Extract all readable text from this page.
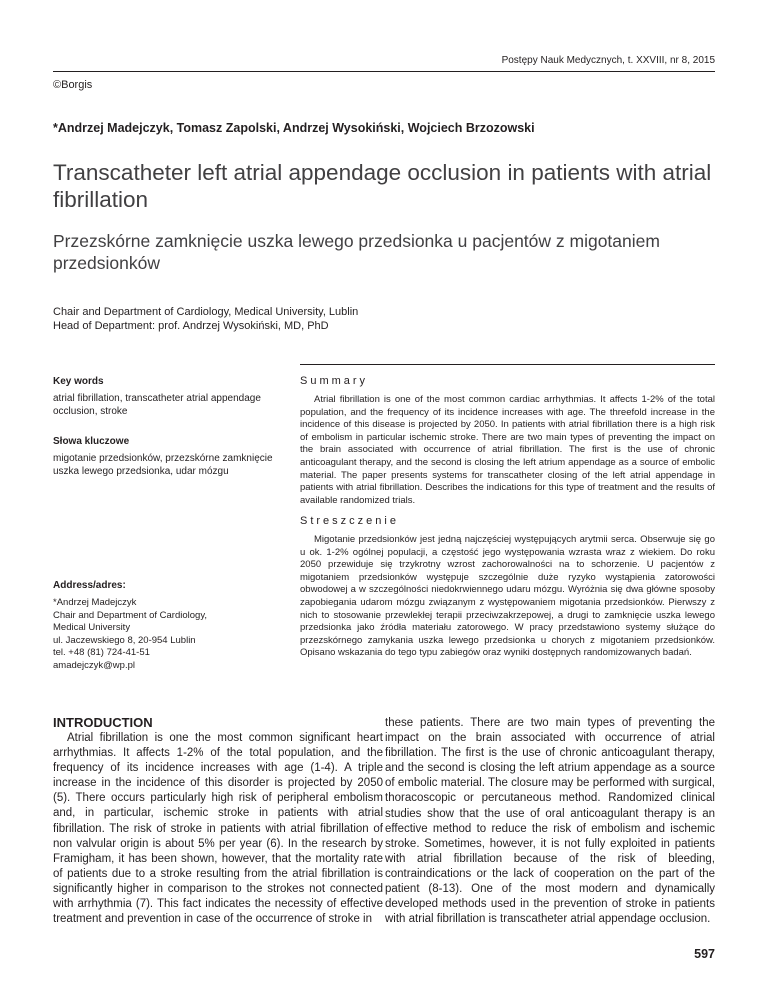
Postępy Nauk Medycznych, t. XXVIII, nr 8, 2015
©Borgis
*Andrzej Madejczyk, Tomasz Zapolski, Andrzej Wysokiński, Wojciech Brzozowski
Transcatheter left atrial appendage occlusion in patients with atrial fibrillation
Przezskórne zamknięcie uszka lewego przedsionka u pacjentów z migotaniem przedsionków
Chair and Department of Cardiology, Medical University, Lublin
Head of Department: prof. Andrzej Wysokiński, MD, PhD
Key words
atrial fibrillation, transcatheter atrial appendage occlusion, stroke
Słowa kluczowe
migotanie przedsionków, przezskórne zamknięcie uszka lewego przedsionka, udar mózgu
Summary
Atrial fibrillation is one of the most common cardiac arrhythmias. It affects 1-2% of the total population, and the frequency of its incidence increases with age. The threefold increase in the incidence of this disease is projected by 2050. In patients with atrial fibrillation there is a high risk of embolism in particular ischemic stroke. There are two main types of preventing the impact on the brain associated with occurrence of atrial fibrillation. The first is the use of chronic anticoagulant therapy, and the second is closing the left atrium appendage as a source of embolic material. The paper presents systems for transcatheter closing of the left atrial appendage in patients with atrial fibrillation. Describes the indications for this type of treatment and the results of available randomized trials.
Streszczenie
Migotanie przedsionków jest jedną najczęściej występujących arytmii serca. Obserwuje się go u ok. 1-2% ogólnej populacji, a częstość jego występowania wzrasta wraz z wiekiem. Do roku 2050 przewiduje się trzykrotny wzrost zachorowalności na to schorzenie. U pacjentów z migotaniem przedsionków występuje szczególnie duże ryzyko wystąpienia zatorowości obwodowej a w szczególności niedokrwiennego udaru mózgu. Wyróżnia się dwa główne sposoby zapobiegania udarom mózgu związanym z występowaniem migotania przedsionków. Pierwszy z nich to stosowanie przewlekłej terapii przeciwzakrzepowej, a drugi to zamknięcie uszka lewego przedsionka jako źródła materiału zatorowego. W pracy przedstawiono systemy służące do przezskórnego zamykania uszka lewego przedsionka u chorych z migotaniem przedsionków. Opisano wskazania do tego typu zabiegów oraz wyniki dostępnych randomizowanych badań.
Address/adres:
*Andrzej Madejczyk
Chair and Department of Cardiology,
Medical University
ul. Jaczewskiego 8, 20-954 Lublin
tel. +48 (81) 724-41-51
amadejczyk@wp.pl
INTRODUCTION

Atrial fibrillation is one the most common significant heart arrhythmias. It affects 1-2% of the total population, and the frequency of its incidence increases with age (1-4). A triple increase in the incidence of this disorder is projected by 2050 (5). There occurs particularly high risk of peripheral embolism and, in particular, ischemic stroke in patients with atrial fibrillation. The risk of stroke in patients with atrial fibrillation of non valvular origin is about 5% per year (6). In the research by Framigham, it has been shown, however, that the mortality rate of patients due to a stroke resulting from the atrial fibrillation is significantly higher in comparison to the strokes not connected with arrhythmia (7). This fact indicates the necessity of effective treatment and prevention in case of the occurrence of stroke in

these patients. There are two main types of preventing the impact on the brain associated with occurrence of atrial fibrillation. The first is the use of chronic anticoagulant therapy, and the second is closing the left atrium appendage as a source of embolic material. The closure may be performed with surgical, thoracoscopic or percutaneous method. Randomized clinical studies show that the use of oral anticoagulant therapy is an effective method to reduce the risk of embolism and ischemic stroke. Sometimes, however, it is not fully exploited in patients with atrial fibrillation because of the risk of bleeding, contraindications or the lack of cooperation on the part of the patient (8-13). One of the most modern and dynamically developed methods used in the prevention of stroke in patients with atrial fibrillation is transcatheter atrial appendage occlusion.

597
